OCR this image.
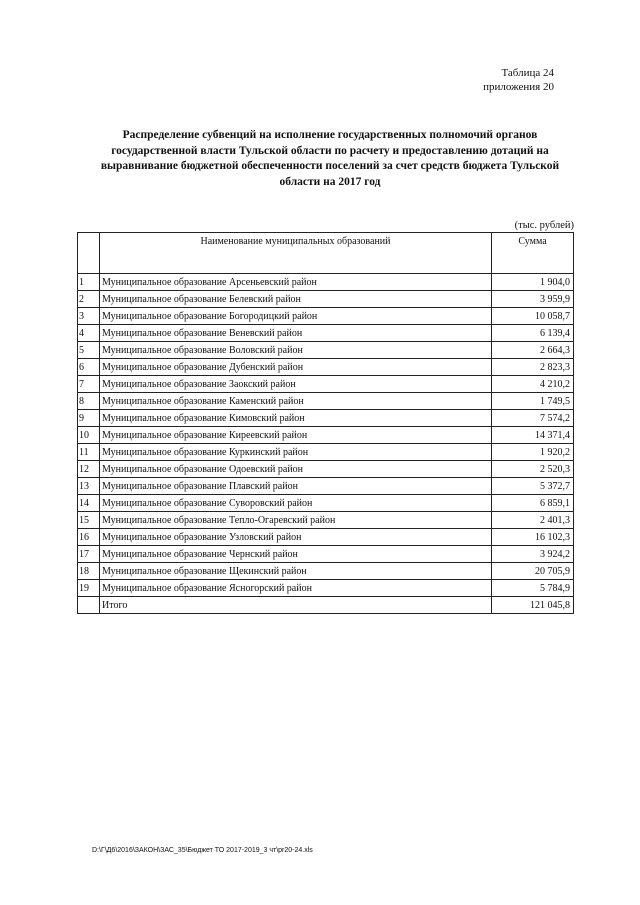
Таблица 24
приложения 20
Распределение субвенций на исполнение государственных полномочий органов государственной власти Тульской области по расчету и предоставлению дотаций на выравнивание бюджетной обеспеченности поселений за счет средств бюджета Тульской области на 2017 год
(тыс. рублей)
	Наименование муниципальных образований	Сумма
1	Муниципальное образование Арсеньевский район	1 904,0
2	Муниципальное образование Белевский район	3 959,9
3	Муниципальное образование Богородицкий район	10 058,7
4	Муниципальное образование Веневский район	6 139,4
5	Муниципальное образование Воловский район	2 664,3
6	Муниципальное образование Дубенский район	2 823,3
7	Муниципальное образование Заокский район	4 210,2
8	Муниципальное образование Каменский район	1 749,5
9	Муниципальное образование Кимовский район	7 574,2
10	Муниципальное образование Киреевский район	14 371,4
11	Муниципальное образование Куркинский район	1 920,2
12	Муниципальное образование Одоевский район	2 520,3
13	Муниципальное образование Плавский район	5 372,7
14	Муниципальное образование Суворовский район	6 859,1
15	Муниципальное образование Тепло-Огаревский район	2 401,3
16	Муниципальное образование Узловский район	16 102,3
17	Муниципальное образование Чернский район	3 924,2
18	Муниципальное образование Щекинский район	20 705,9
19	Муниципальное образование Ясногорский район	5 784,9
	Итого	121 045,8
D:\Г\Д6\2016\ЗАКОН\ЗАС_35\Бюджет ТО 2017-2019_3 чт\pr20-24.xls
